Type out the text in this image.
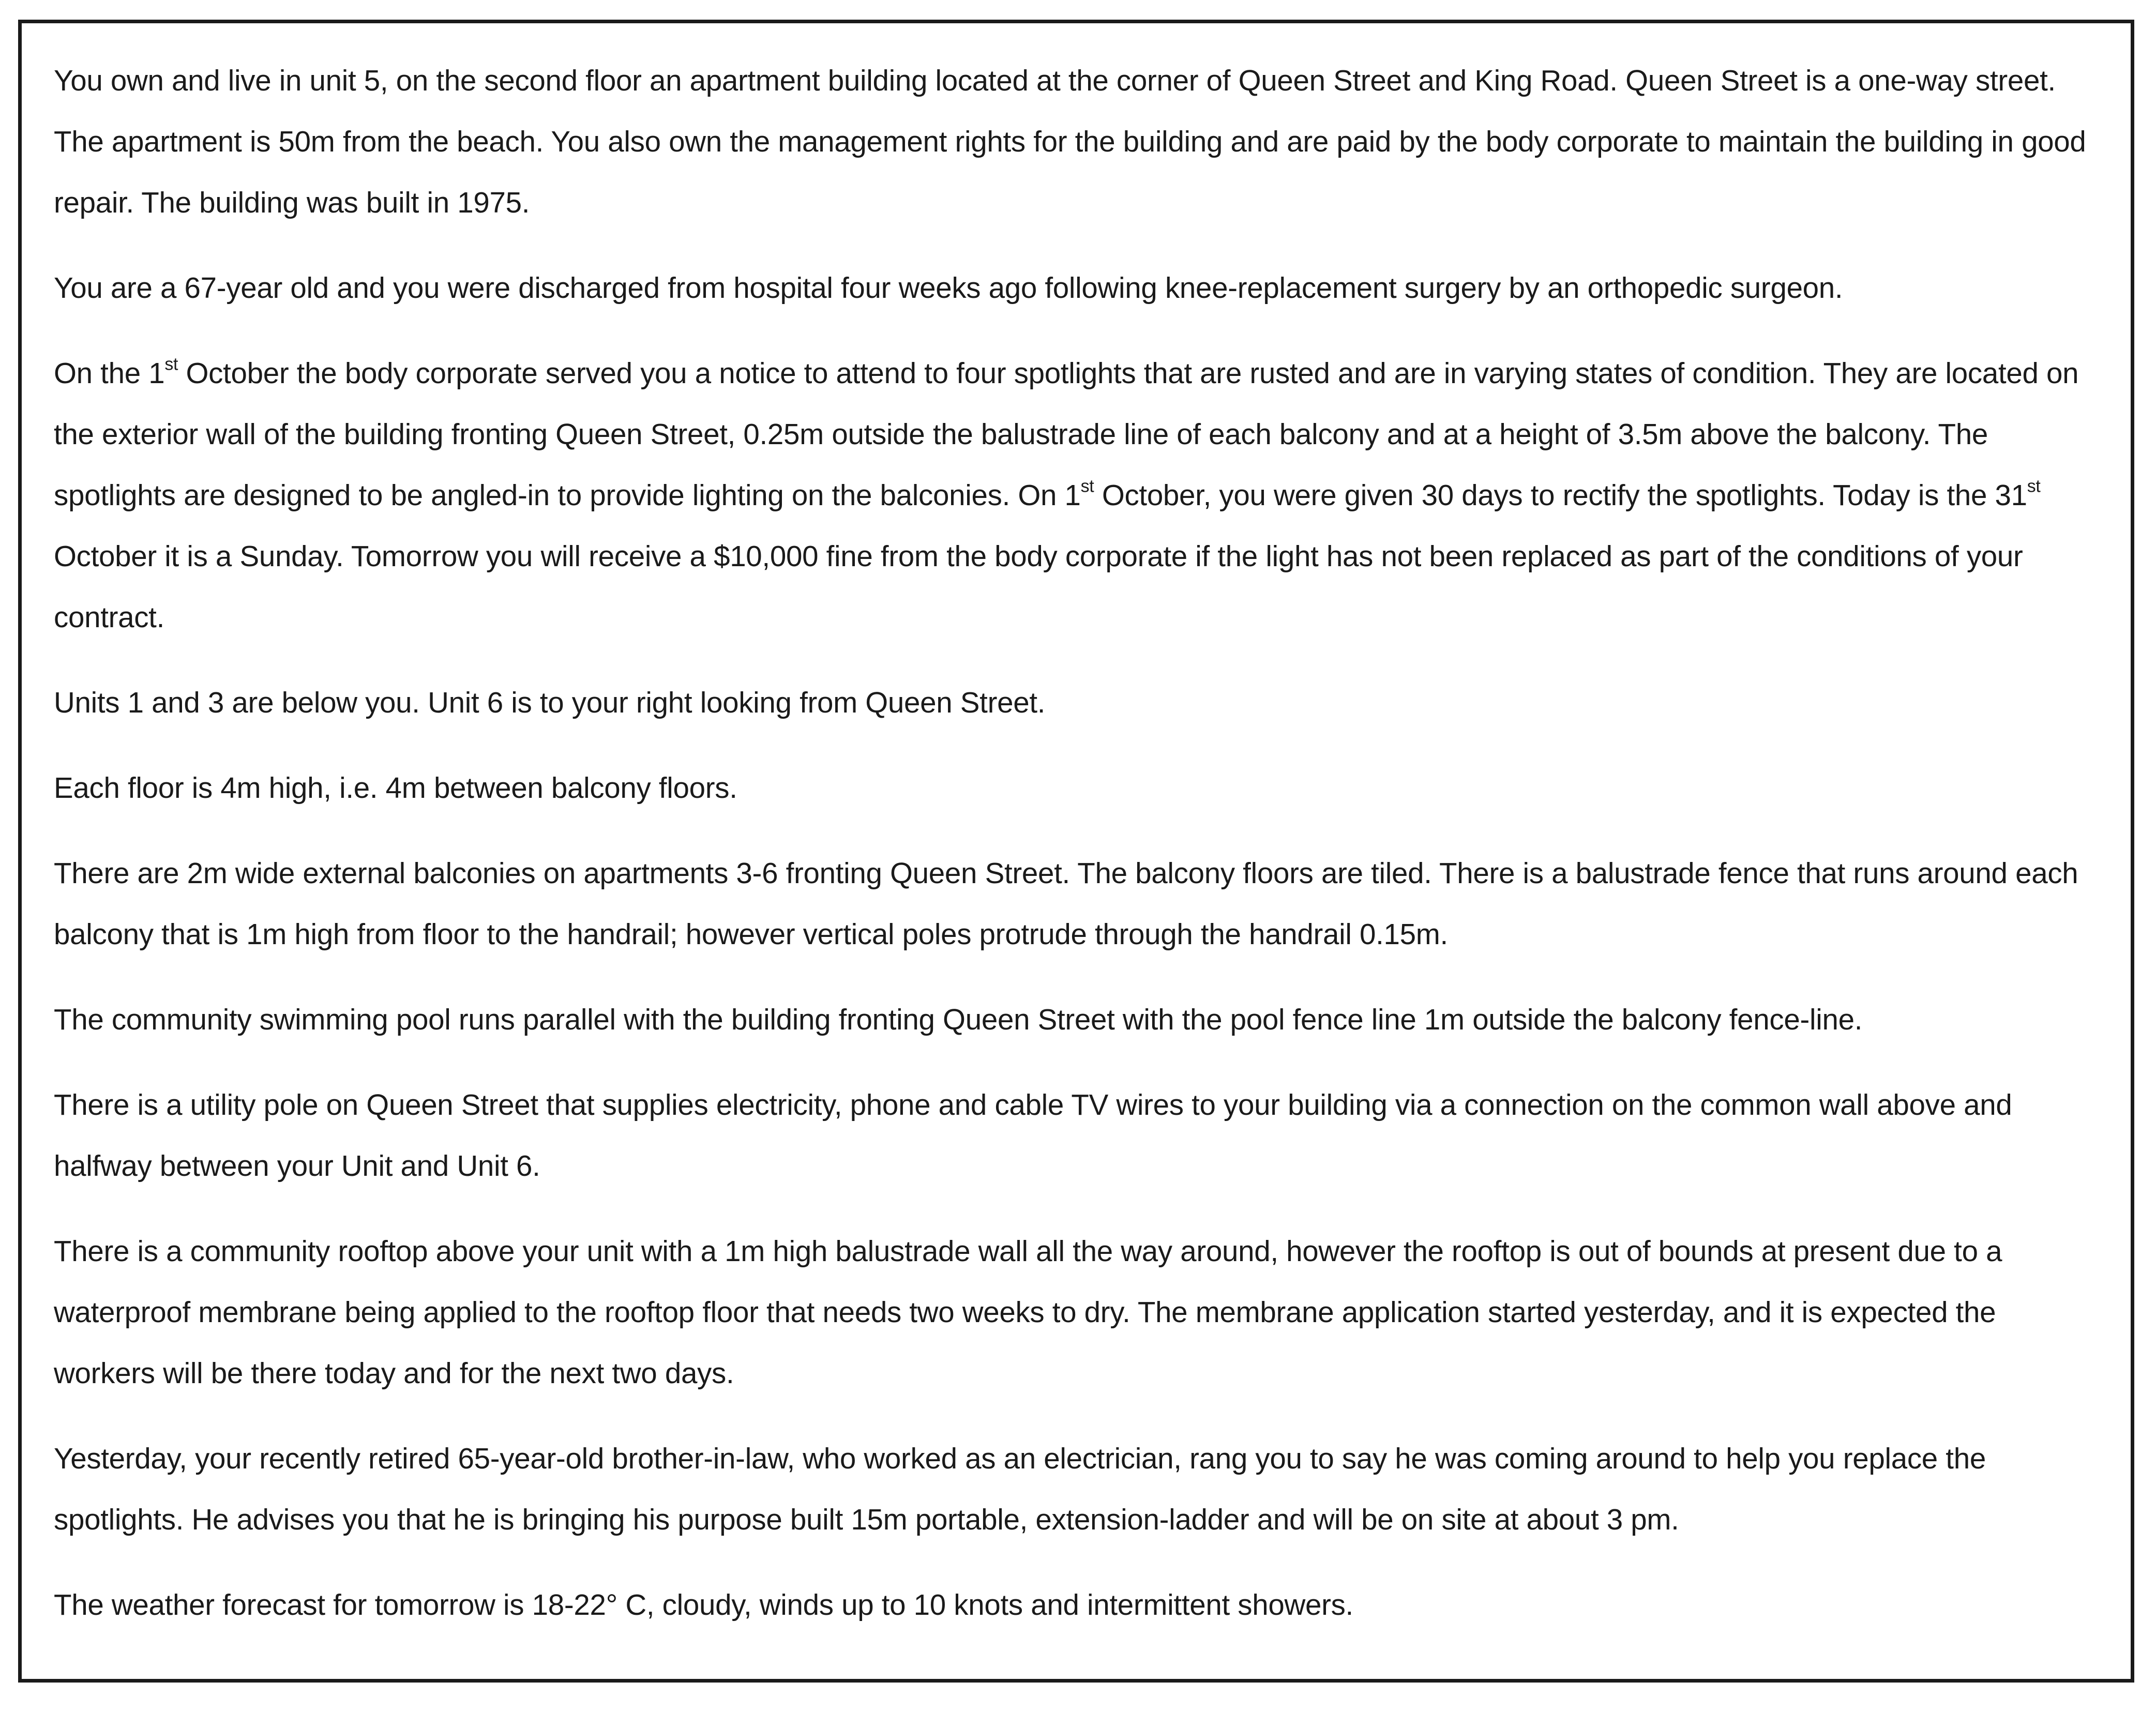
You own and live in unit 5, on the second floor an apartment building located at the corner of Queen Street and King Road. Queen Street is a one-way street. The apartment is 50m from the beach. You also own the management rights for the building and are paid by the body corporate to maintain the building in good repair. The building was built in 1975.

You are a 67-year old and you were discharged from hospital four weeks ago following knee-replacement surgery by an orthopedic surgeon.

On the 1st October the body corporate served you a notice to attend to four spotlights that are rusted and are in varying states of condition. They are located on the exterior wall of the building fronting Queen Street, 0.25m outside the balustrade line of each balcony and at a height of 3.5m above the balcony. The spotlights are designed to be angled-in to provide lighting on the balconies. On 1st October, you were given 30 days to rectify the spotlights. Today is the 31st October it is a Sunday. Tomorrow you will receive a $10,000 fine from the body corporate if the light has not been replaced as part of the conditions of your contract.

Units 1 and 3 are below you. Unit 6 is to your right looking from Queen Street.

Each floor is 4m high, i.e. 4m between balcony floors.

There are 2m wide external balconies on apartments 3-6 fronting Queen Street. The balcony floors are tiled. There is a balustrade fence that runs around each balcony that is 1m high from floor to the handrail; however vertical poles protrude through the handrail 0.15m.

The community swimming pool runs parallel with the building fronting Queen Street with the pool fence line 1m outside the balcony fence-line.

There is a utility pole on Queen Street that supplies electricity, phone and cable TV wires to your building via a connection on the common wall above and halfway between your Unit and Unit 6.

There is a community rooftop above your unit with a 1m high balustrade wall all the way around, however the rooftop is out of bounds at present due to a waterproof membrane being applied to the rooftop floor that needs two weeks to dry. The membrane application started yesterday, and it is expected the workers will be there today and for the next two days.

Yesterday, your recently retired 65-year-old brother-in-law, who worked as an electrician, rang you to say he was coming around to help you replace the spotlights. He advises you that he is bringing his purpose built 15m portable, extension-ladder and will be on site at about 3 pm.

The weather forecast for tomorrow is 18-22° C, cloudy, winds up to 10 knots and intermittent showers.
